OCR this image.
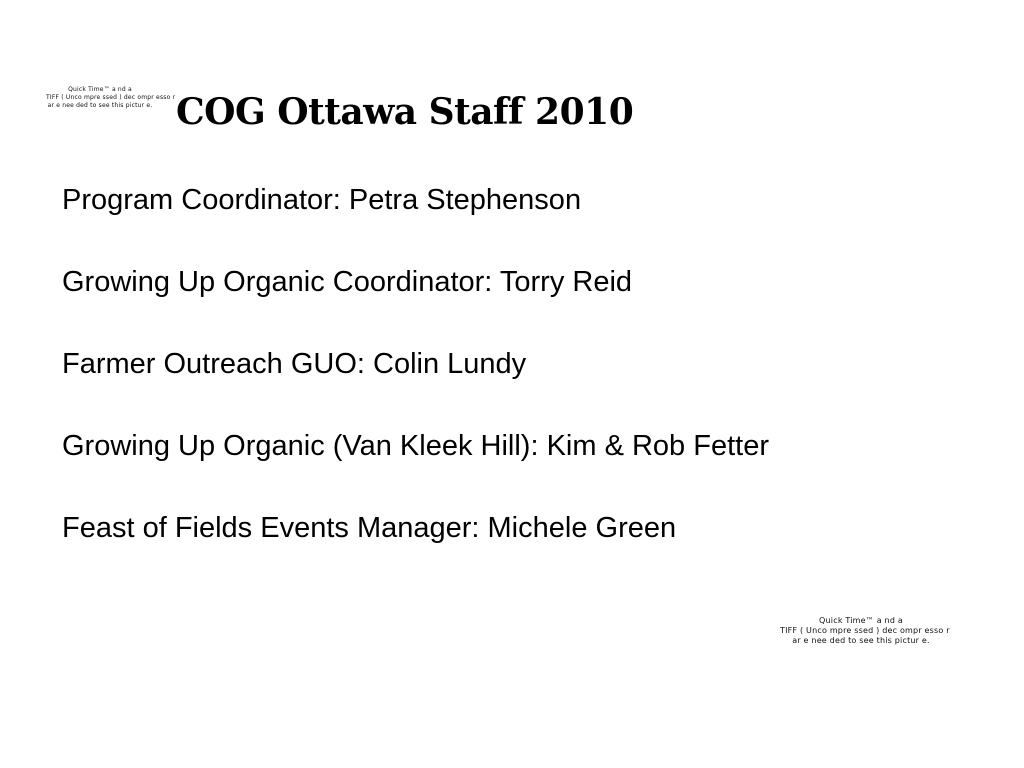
Quick Time™ a nd a
TIFF ( Unco mpre ssed ) dec ompr esso r
ar e nee ded to see this pictur e. COG Ottawa Staff 2010
Program Coordinator: Petra Stephenson
Growing Up Organic Coordinator: Torry Reid
Farmer Outreach GUO: Colin Lundy
Growing Up Organic (Van Kleek Hill): Kim & Rob Fetter
Feast of Fields Events Manager: Michele Green
Quick Time™ a nd a
TIFF ( Unco mpre ssed ) dec ompr esso r
ar e nee ded to see this pictur e.
